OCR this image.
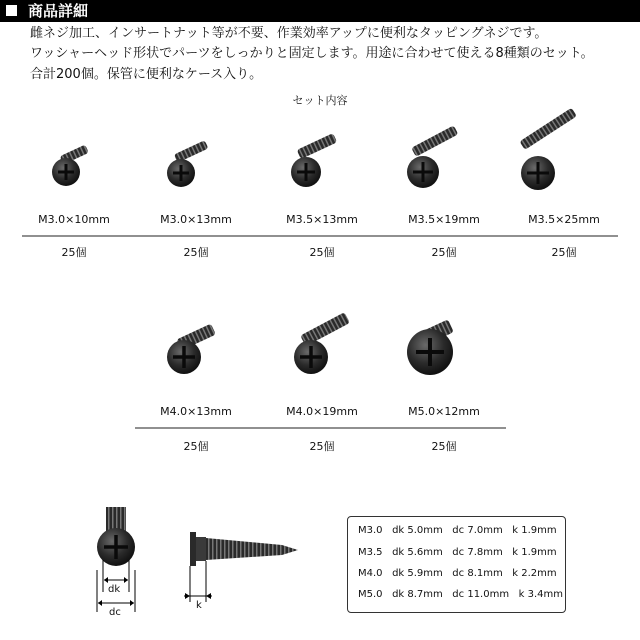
商品詳細
雌ネジ加工、インサートナット等が不要、作業効率アップに便利なタッピングネジです。
ワッシャーヘッド形状でパーツをしっかりと固定します。用途に合わせて使える8種類のセット。
合計200個。保管に便利なケース入り。
セット内容
M3.0×10mm	M3.0×13mm	M3.5×13mm	M3.5×19mm	M3.5×25mm
25個	25個	25個	25個	25個
M4.0×13mm	M4.0×19mm	M5.0×12mm
25個	25個	25個
dk
dc
k
M3.0   dk 5.0mm   dc 7.0mm   k 1.9mm
M3.5   dk 5.6mm   dc 7.8mm   k 1.9mm
M4.0   dk 5.9mm   dc 8.1mm   k 2.2mm
M5.0   dk 8.7mm   dc 11.0mm   k 3.4mm
